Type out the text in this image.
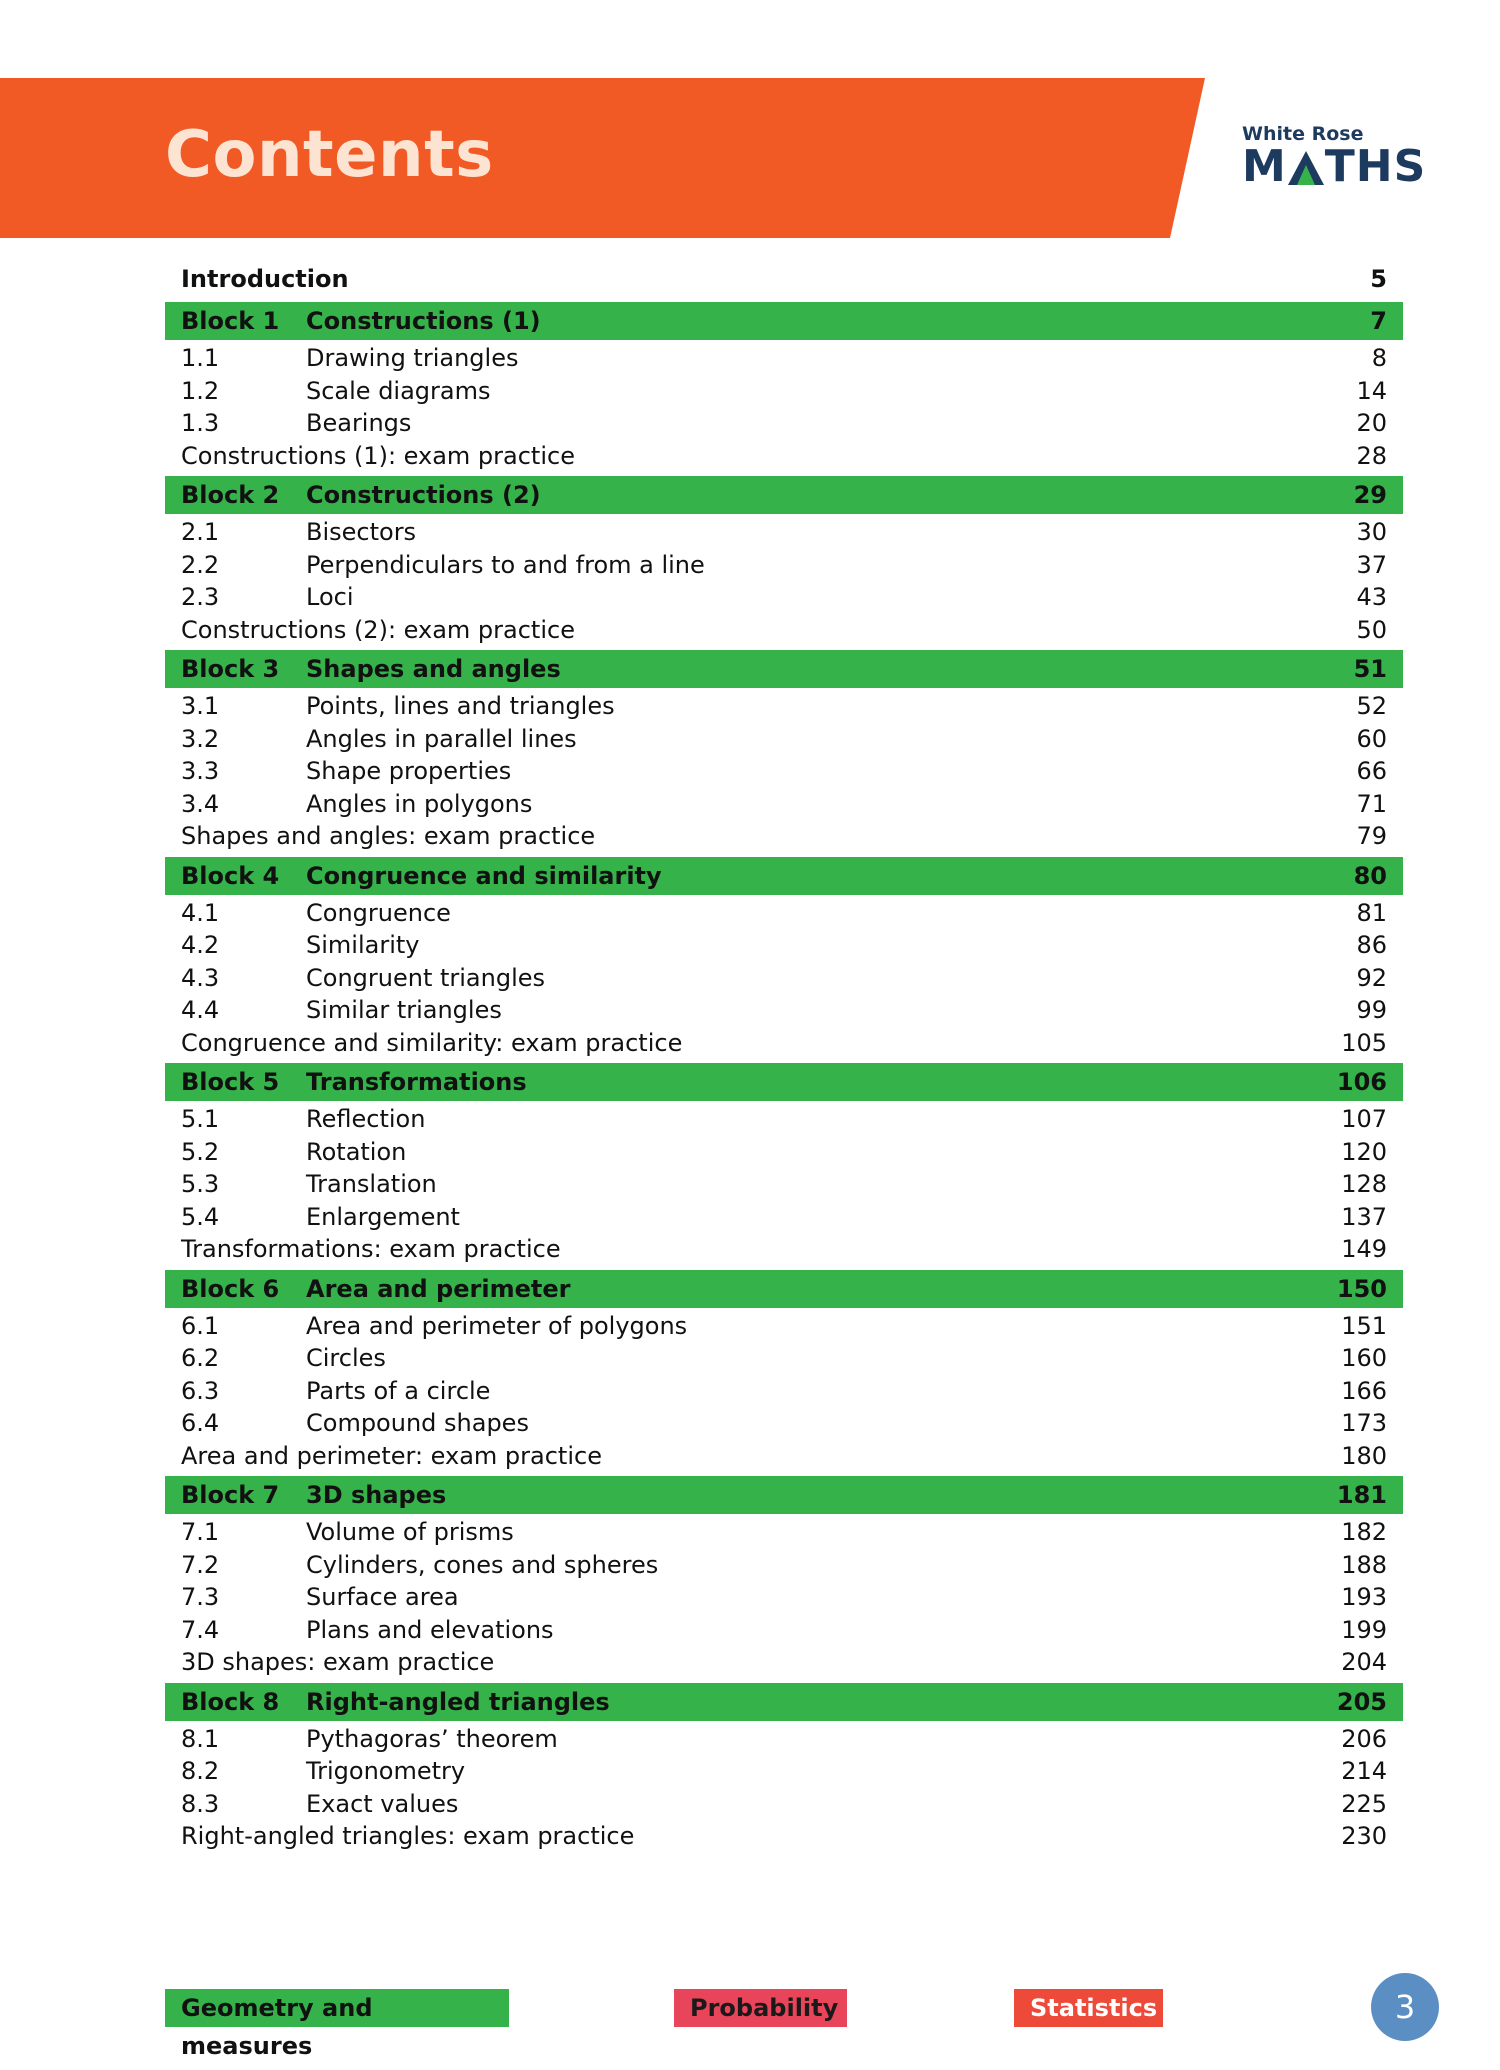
Contents	White Rose
M THS
Introduction	5
Block 1 Constructions (1)	7
1.1	Drawing triangles	8
1.2	Scale diagrams	14
1.3	Bearings	20
Constructions (1): exam practice	28
Block 2 Constructions (2)	29
2.1	Bisectors	30
2.2	Perpendiculars to and from a line	37
2.3	Loci	43
Constructions (2): exam practice	50
Block 3 Shapes and angles	51
3.1	Points, lines and triangles	52
3.2	Angles in parallel lines	60
3.3	Shape properties	66
3.4	Angles in polygons	71
Shapes and angles: exam practice	79
Block 4 Congruence and similarity	80
4.1	Congruence	81
4.2	Similarity	86
4.3	Congruent triangles	92
4.4	Similar triangles	99
Congruence and similarity: exam practice	105
Block 5 Transformations	106
5.1	Reflection	107
5.2	Rotation	120
5.3	Translation	128
5.4	Enlargement	137
Transformations: exam practice	149
Block 6 Area and perimeter	150
6.1	Area and perimeter of polygons	151
6.2	Circles	160
6.3	Parts of a circle	166
6.4	Compound shapes	173
Area and perimeter: exam practice	180
Block 7 3D shapes	181
7.1	Volume of prisms	182
7.2	Cylinders, cones and spheres	188
7.3	Surface area	193
7.4	Plans and elevations	199
3D shapes: exam practice	204
Block 8 Right-angled triangles	205
8.1	Pythagoras’ theorem	206
8.2	Trigonometry	214
8.3	Exact values	225
Right-angled triangles: exam practice	230
Geometry and measures
Probability	Statistics	3
